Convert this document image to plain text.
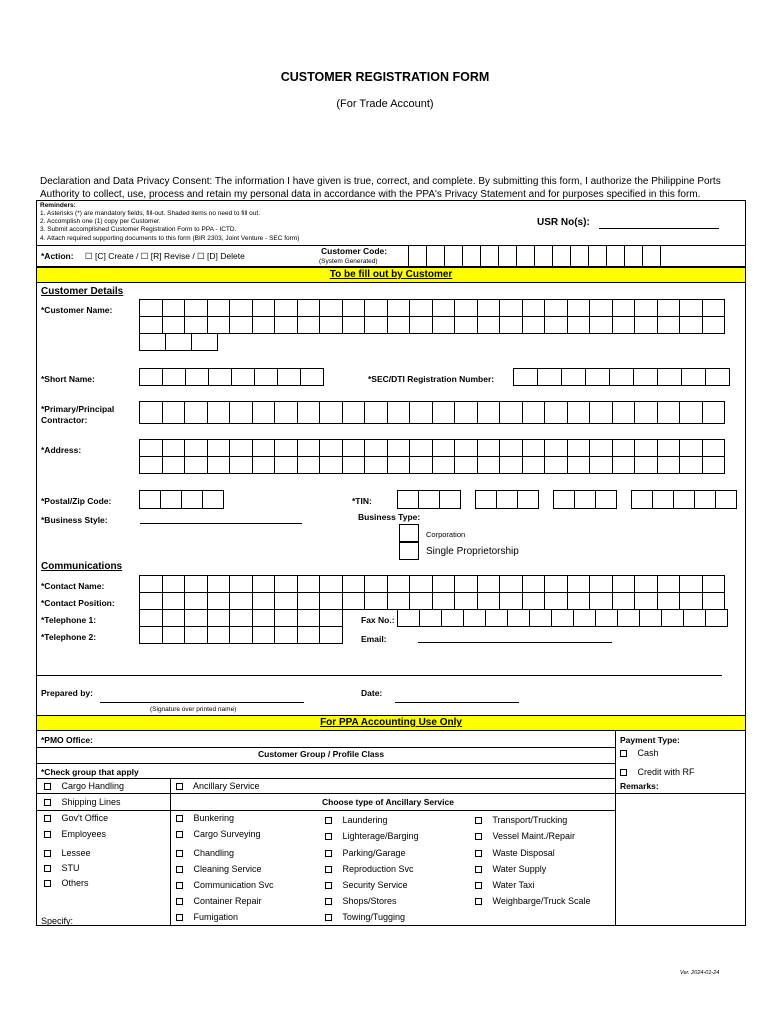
CUSTOMER REGISTRATION FORM
(For Trade Account)
Declaration and Data Privacy Consent: The information I have given is true, correct, and complete. By submitting this form, I authorize the Philippine Ports Authority to collect, use, process and retain my personal data in accordance with the PPA's Privacy Statement and for purposes specified in this form.
Reminders:
1. Asterisks (*) are mandatory fields, fill-out. Shaded items no need to fill out.
2. Accomplish one (1) copy per Customer.
3. Submit accomplished Customer Registration Form to PPA - ICTD.
4. Attach required supporting documents to this form (BIR 2303, Joint Venture - SEC form)
USR No(s):
*Action: ☐ [C] Create / ☐ [R] Revise / ☐ [D] Delete	Customer Code:
(System Generated)
To be fill out by Customer
Customer Details
*Customer Name:
*Short Name:	*SEC/DTI Registration Number:
*Primary/Principal
Contractor:
*Address:
*Postal/Zip Code:	*TIN:
*Business Style:	Business Type:
Corporation
Single Proprietorship
Communications
*Contact Name:
*Contact Position:
*Telephone 1:
*Telephone 2:
Fax No.:
Email:
Prepared by:
(Signature over printed name)
Date:
For PPA Accounting Use Only
*PMO Office:
Customer Group / Profile Class
Payment Type:
Cash
Credit with RF
Remarks:
*Check group that apply
Choose type of Ancillary Service
Ancillary Service
Cargo Handling
Shipping Lines
Gov't Office
Employees
Lessee
STU
Others
Specify:
Bunkering
Cargo Surveying
Chandling
Cleaning Service
Communication Svc
Container Repair
Fumigation
Laundering
Lighterage/Barging
Parking/Garage
Reproduction Svc
Security Service
Shops/Stores
Towing/Tugging
Transport/Trucking
Vessel Maint./Repair
Waste Disposal
Water Supply
Water Taxi
Weighbarge/Truck Scale
Ver. 2024-01-24
